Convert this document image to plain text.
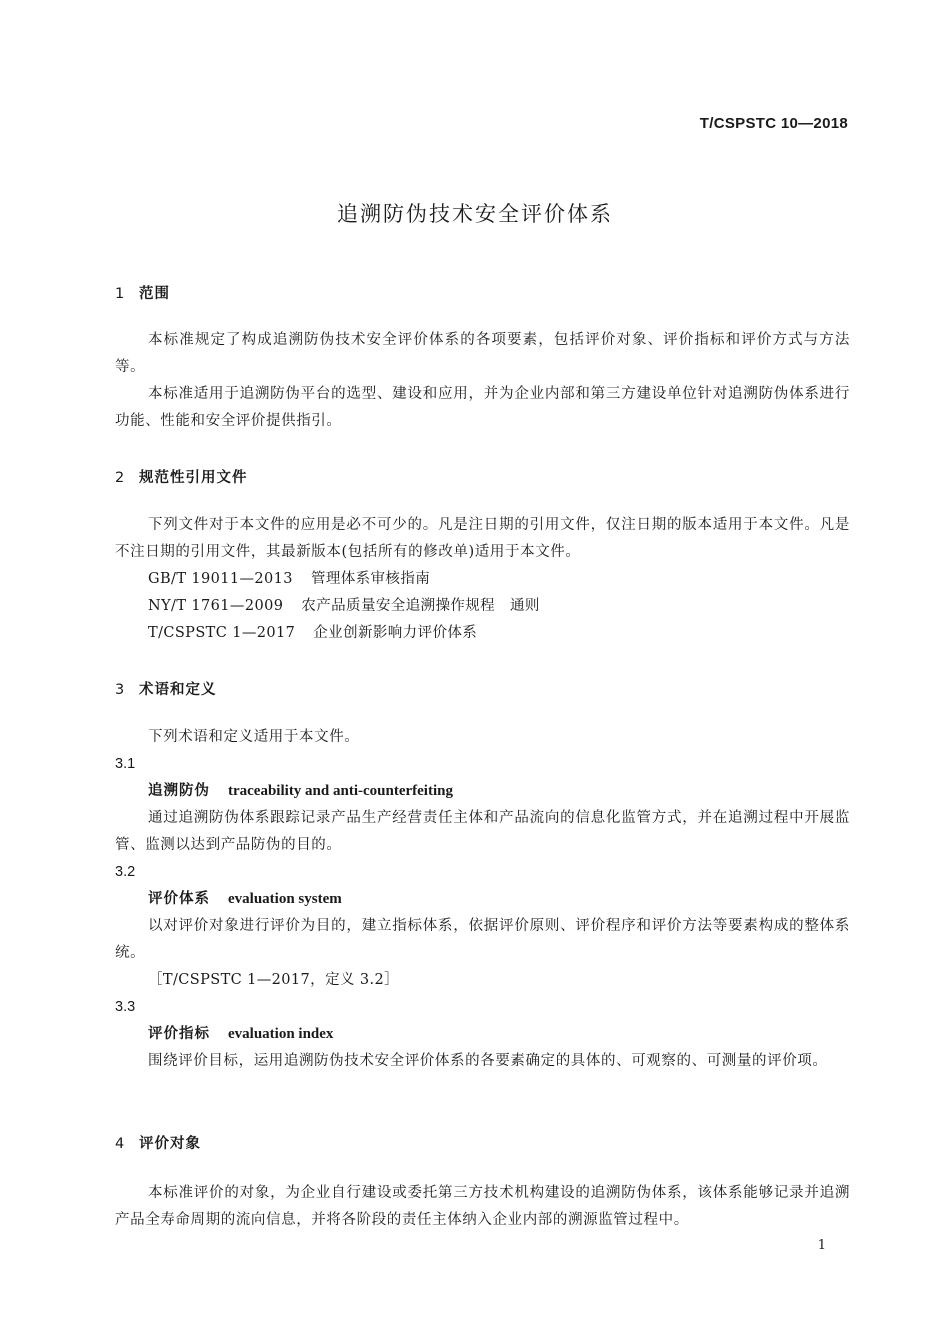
T/CSPSTC 10—2018
追溯防伪技术安全评价体系
1 范围
本标准规定了构成追溯防伪技术安全评价体系的各项要素，包括评价对象、评价指标和评价方式与方法等。
本标准适用于追溯防伪平台的选型、建设和应用，并为企业内部和第三方建设单位针对追溯防伪体系进行功能、性能和安全评价提供指引。
2 规范性引用文件
下列文件对于本文件的应用是必不可少的。凡是注日期的引用文件，仅注日期的版本适用于本文件。凡是不注日期的引用文件，其最新版本(包括所有的修改单)适用于本文件。
GB/T 19011—2013 管理体系审核指南
NY/T 1761—2009 农产品质量安全追溯操作规程　通则
T/CSPSTC 1—2017 企业创新影响力评价体系
3 术语和定义
下列术语和定义适用于本文件。
3.1
追溯防伪 traceability and anti-counterfeiting
通过追溯防伪体系跟踪记录产品生产经营责任主体和产品流向的信息化监管方式，并在追溯过程中开展监管、监测以达到产品防伪的目的。
3.2
评价体系 evaluation system
以对评价对象进行评价为目的，建立指标体系，依据评价原则、评价程序和评价方法等要素构成的整体系统。
［T/CSPSTC 1—2017，定义 3.2］
3.3
评价指标 evaluation index
围绕评价目标，运用追溯防伪技术安全评价体系的各要素确定的具体的、可观察的、可测量的评价项。
4 评价对象
本标准评价的对象，为企业自行建设或委托第三方技术机构建设的追溯防伪体系，该体系能够记录并追溯产品全寿命周期的流向信息，并将各阶段的责任主体纳入企业内部的溯源监管过程中。
1
